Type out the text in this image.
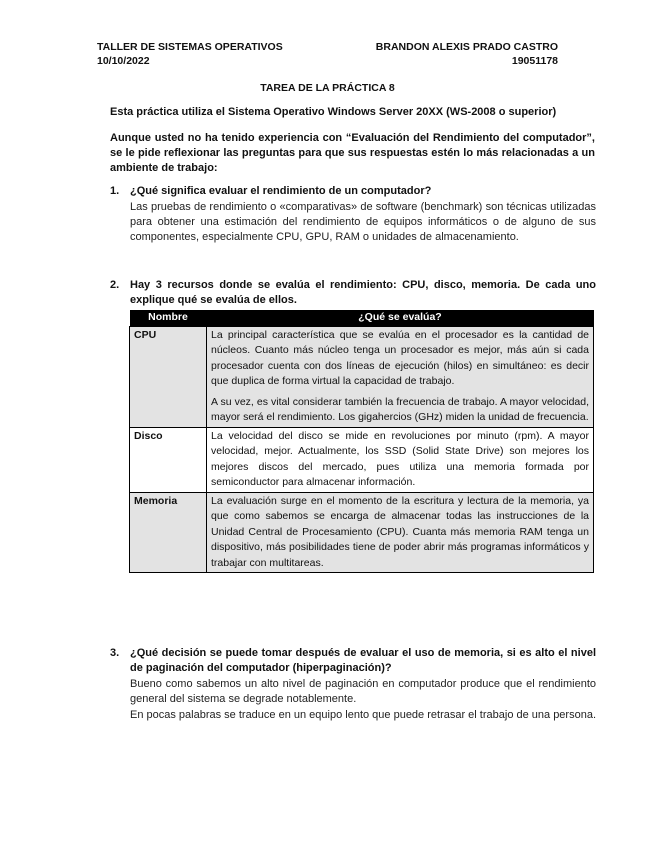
TALLER DE SISTEMAS OPERATIVOS
10/10/2022
BRANDON ALEXIS PRADO CASTRO
19051178
TAREA DE LA PRÁCTICA 8
Esta práctica utiliza el Sistema Operativo Windows Server 20XX (WS-2008 o superior)
Aunque usted no ha tenido experiencia con “Evaluación del Rendimiento del computador”, se le pide reflexionar las preguntas para que sus respuestas estén lo más relacionadas a un ambiente de trabajo:
1. ¿Qué significa evaluar el rendimiento de un computador?
Las pruebas de rendimiento o «comparativas» de software (benchmark) son técnicas utilizadas para obtener una estimación del rendimiento de equipos informáticos o de alguno de sus componentes, especialmente CPU, GPU, RAM o unidades de almacenamiento.
2. Hay 3 recursos donde se evalúa el rendimiento: CPU, disco, memoria. De cada uno explique qué se evalúa de ellos.
Nombre	¿Qué se evalúa?
CPU	La principal característica que se evalúa en el procesador es la cantidad de núcleos. Cuanto más núcleo tenga un procesador es mejor, más aún si cada procesador cuenta con dos líneas de ejecución (hilos) en simultáneo: es decir que duplica de forma virtual la capacidad de trabajo.

A su vez, es vital considerar también la frecuencia de trabajo. A mayor velocidad, mayor será el rendimiento. Los gigahercios (GHz) miden la unidad de frecuencia.

Disco	La velocidad del disco se mide en revoluciones por minuto (rpm). A mayor velocidad, mejor. Actualmente, los SSD (Solid State Drive) son mejores los mejores discos del mercado, pues utiliza una memoria formada por semiconductor para almacenar información.

Memoria	La evaluación surge en el momento de la escritura y lectura de la memoria, ya que como sabemos se encarga de almacenar todas las instrucciones de la Unidad Central de Procesamiento (CPU). Cuanta más memoria RAM tenga un dispositivo, más posibilidades tiene de poder abrir más programas informáticos y trabajar con multitareas.

3. ¿Qué decisión se puede tomar después de evaluar el uso de memoria, si es alto el nivel de paginación del computador (hiperpaginación)?
Bueno como sabemos un alto nivel de paginación en computador produce que el rendimiento general del sistema se degrade notablemente.
En pocas palabras se traduce en un equipo lento que puede retrasar el trabajo de una persona.
